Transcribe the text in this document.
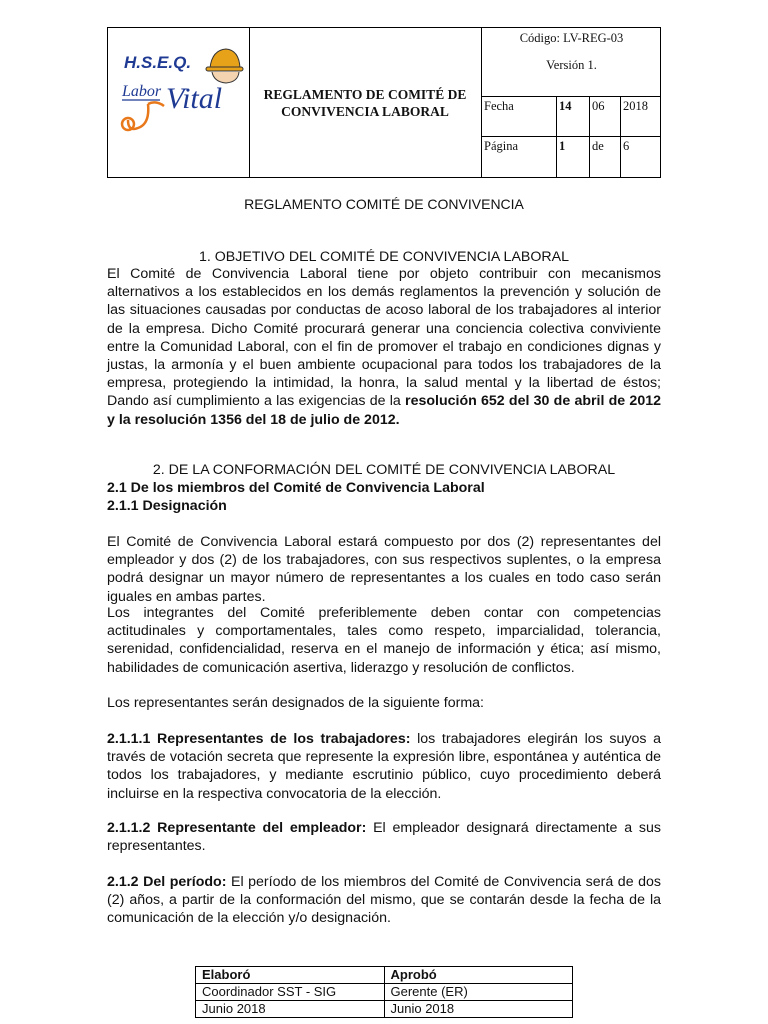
H.S.E.Q.
Labor Vital	REGLAMENTO DE COMITÉ DE
CONVIVENCIA LABORAL
Código: LV-REG-03
Versión 1.
Fecha	14	06	2018
Página	1	de	6
REGLAMENTO COMITÉ DE CONVIVENCIA
1. OBJETIVO DEL COMITÉ DE CONVIVENCIA LABORAL
El Comité de Convivencia Laboral tiene por objeto contribuir con mecanismos alternativos a los establecidos en los demás reglamentos la prevención y solución de las situaciones causadas por conductas de acoso laboral de los trabajadores al interior de la empresa. Dicho Comité procurará generar una conciencia colectiva conviviente entre la Comunidad Laboral, con el fin de promover el trabajo en condiciones dignas y justas, la armonía y el buen ambiente ocupacional para todos los trabajadores de la empresa, protegiendo la intimidad, la honra, la salud mental y la libertad de éstos; Dando así cumplimiento a las exigencias de la resolución 652 del 30 de abril de 2012 y la resolución 1356 del 18 de julio de 2012.
2. DE LA CONFORMACIÓN DEL COMITÉ DE CONVIVENCIA LABORAL
2.1 De los miembros del Comité de Convivencia Laboral
2.1.1 Designación
El Comité de Convivencia Laboral estará compuesto por dos (2) representantes del empleador y dos (2) de los trabajadores, con sus respectivos suplentes, o la empresa podrá designar un mayor número de representantes a los cuales en todo caso serán iguales en ambas partes.
Los integrantes del Comité preferiblemente deben contar con competencias actitudinales y comportamentales, tales como respeto, imparcialidad, tolerancia, serenidad, confidencialidad, reserva en el manejo de información y ética; así mismo, habilidades de comunicación asertiva, liderazgo y resolución de conflictos.
Los representantes serán designados de la siguiente forma:
2.1.1.1 Representantes de los trabajadores: los trabajadores elegirán los suyos a través de votación secreta que represente la expresión libre, espontánea y auténtica de todos los trabajadores, y mediante escrutinio público, cuyo procedimiento deberá incluirse en la respectiva convocatoria de la elección.
2.1.1.2 Representante del empleador: El empleador designará directamente a sus representantes.
2.1.2 Del período: El período de los miembros del Comité de Convivencia será de dos (2) años, a partir de la conformación del mismo, que se contarán desde la fecha de la comunicación de la elección y/o designación.
Elaboró	Aprobó
Coordinador SST - SIG	Gerente (ER)
Junio 2018	Junio 2018
